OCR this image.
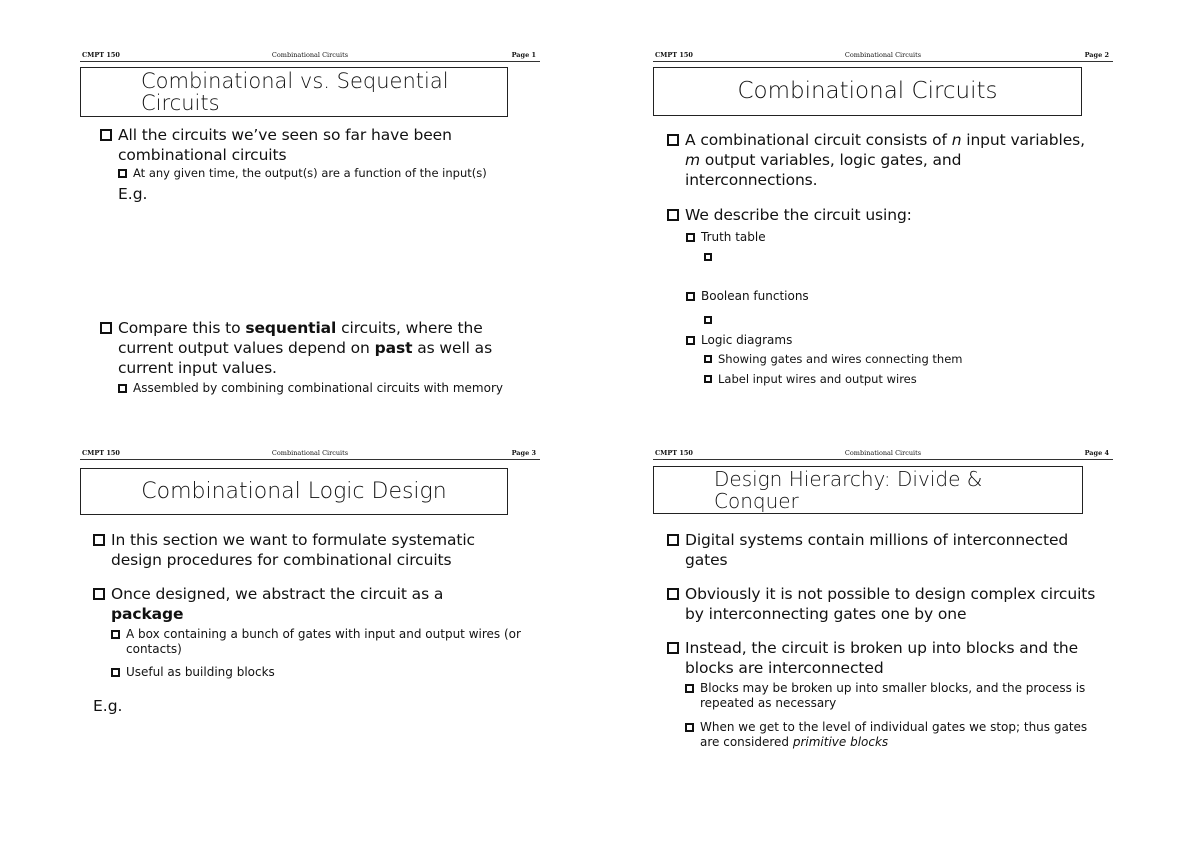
CMPT 150	Combinational Circuits	Page 1
Combinational vs. Sequential
Circuits
All the circuits we’ve seen so far have been combinational circuits
At any given time, the output(s) are a function of the input(s)
E.g.
Compare this to sequential circuits, where the current output values depend on past as well as current input values.
Assembled by combining combinational circuits with memory
CMPT 150	Combinational Circuits	Page 2
Combinational Circuits
A combinational circuit consists of n input variables, m output variables, logic gates, and interconnections.
We describe the circuit using:
Truth table
Boolean functions
Logic diagrams
Showing gates and wires connecting them
Label input wires and output wires
CMPT 150	Combinational Circuits	Page 3
Combinational Logic Design
In this section we want to formulate systematic design procedures for combinational circuits
Once designed, we abstract the circuit as a package
A box containing a bunch of gates with input and output wires (or contacts)
Useful as building blocks
E.g.
CMPT 150	Combinational Circuits	Page 4
Design Hierarchy: Divide &
Conquer
Digital systems contain millions of interconnected gates
Obviously it is not possible to design complex circuits by interconnecting gates one by one
Instead, the circuit is broken up into blocks and the blocks are interconnected
Blocks may be broken up into smaller blocks, and the process is repeated as necessary
When we get to the level of individual gates we stop; thus gates are considered primitive blocks
